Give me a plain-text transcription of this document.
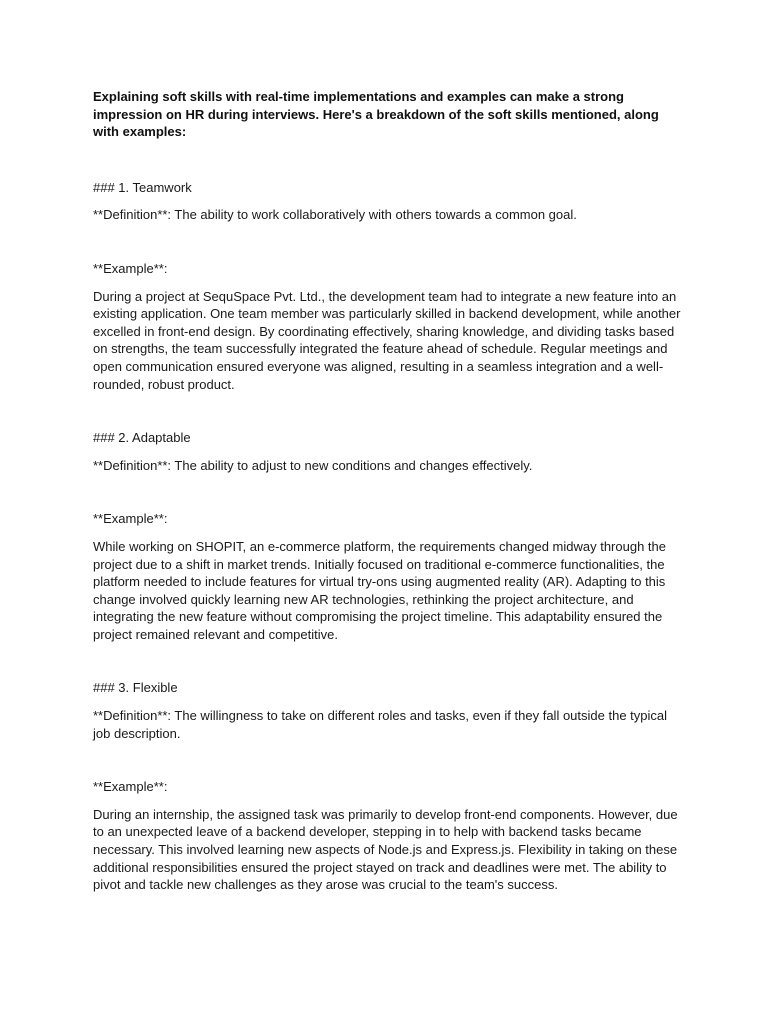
Explaining soft skills with real-time implementations and examples can make a strong impression on HR during interviews. Here's a breakdown of the soft skills mentioned, along with examples:

### 1. Teamwork

**Definition**: The ability to work collaboratively with others towards a common goal.

**Example**:

During a project at SequSpace Pvt. Ltd., the development team had to integrate a new feature into an existing application. One team member was particularly skilled in backend development, while another excelled in front-end design. By coordinating effectively, sharing knowledge, and dividing tasks based on strengths, the team successfully integrated the feature ahead of schedule. Regular meetings and open communication ensured everyone was aligned, resulting in a seamless integration and a well-rounded, robust product.

### 2. Adaptable

**Definition**: The ability to adjust to new conditions and changes effectively.

**Example**:

While working on SHOPIT, an e-commerce platform, the requirements changed midway through the project due to a shift in market trends. Initially focused on traditional e-commerce functionalities, the platform needed to include features for virtual try-ons using augmented reality (AR). Adapting to this change involved quickly learning new AR technologies, rethinking the project architecture, and integrating the new feature without compromising the project timeline. This adaptability ensured the project remained relevant and competitive.

### 3. Flexible

**Definition**: The willingness to take on different roles and tasks, even if they fall outside the typical job description.

**Example**:

During an internship, the assigned task was primarily to develop front-end components. However, due to an unexpected leave of a backend developer, stepping in to help with backend tasks became necessary. This involved learning new aspects of Node.js and Express.js. Flexibility in taking on these additional responsibilities ensured the project stayed on track and deadlines were met. The ability to pivot and tackle new challenges as they arose was crucial to the team's success.
